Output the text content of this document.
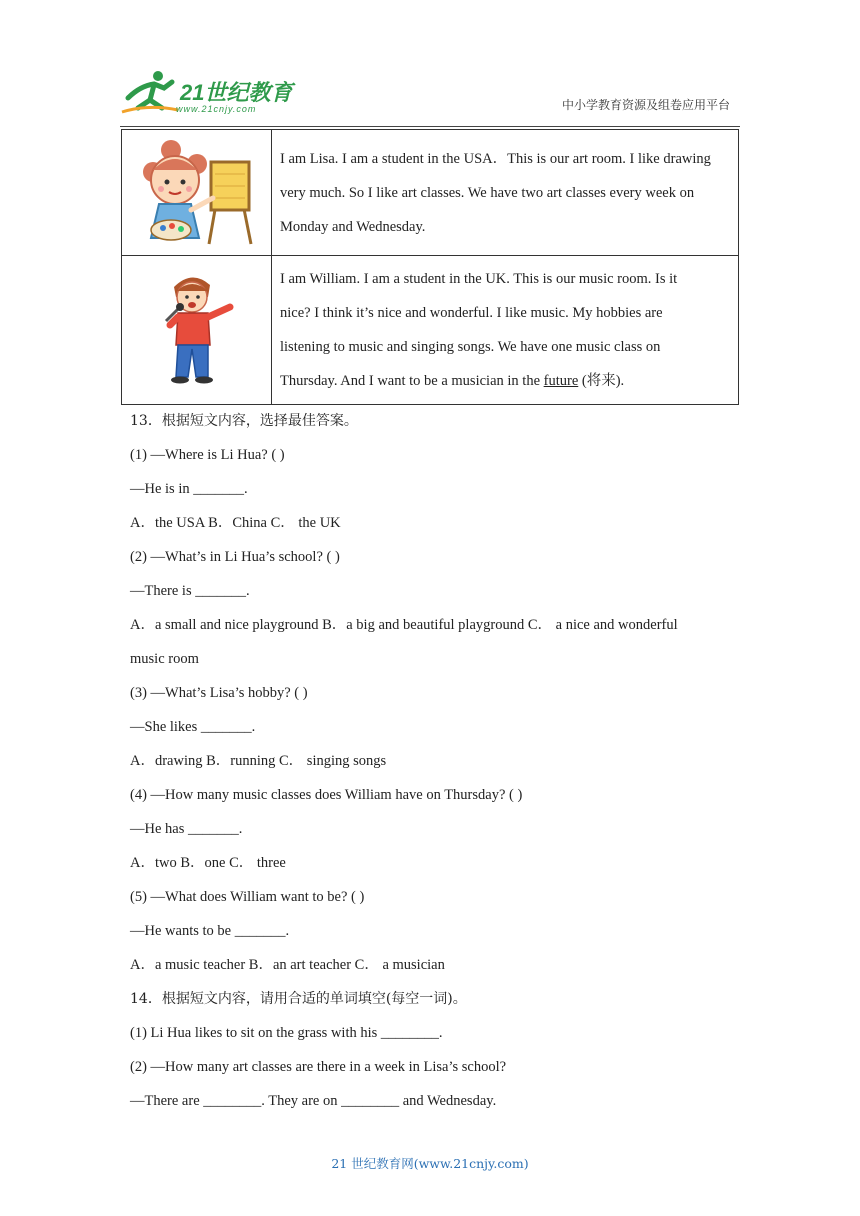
21世纪教育
www.21cnjy.com	中小学教育资源及组卷应用平台

I am Lisa. I am a student in the USA．This is our art room. I like drawing
very much. So I like art classes. We have two art classes every week on
Monday and Wednesday.

I am William. I am a student in the UK. This is our music room. Is it
nice? I think it’s nice and wonderful. I like music. My hobbies are
listening to music and singing songs. We have one music class on
Thursday. And I want to be a musician in the future (将来).
13．根据短文内容，选择最佳答案。
(1) —Where is Li Hua? ( )
—He is in _______.
A．the USA B．China C． the UK
(2) —What’s in Li Hua’s school? ( )
—There is _______.
A．a small and nice playground B．a big and beautiful playground C． a nice and wonderful
music room
(3) —What’s Lisa’s hobby? ( )
—She likes _______.
A．drawing B．running C． singing songs
(4) —How many music classes does William have on Thursday? ( )
—He has _______.
A．two B．one C． three
(5) —What does William want to be? ( )
—He wants to be _______.
A．a music teacher B．an art teacher C． a musician
14．根据短文内容，请用合适的单词填空(每空一词)。
(1) Li Hua likes to sit on the grass with his ________.
(2) —How many art classes are there in a week in Lisa’s school?
—There are ________. They are on ________ and Wednesday.
21 世纪教育网(www.21cnjy.com)
